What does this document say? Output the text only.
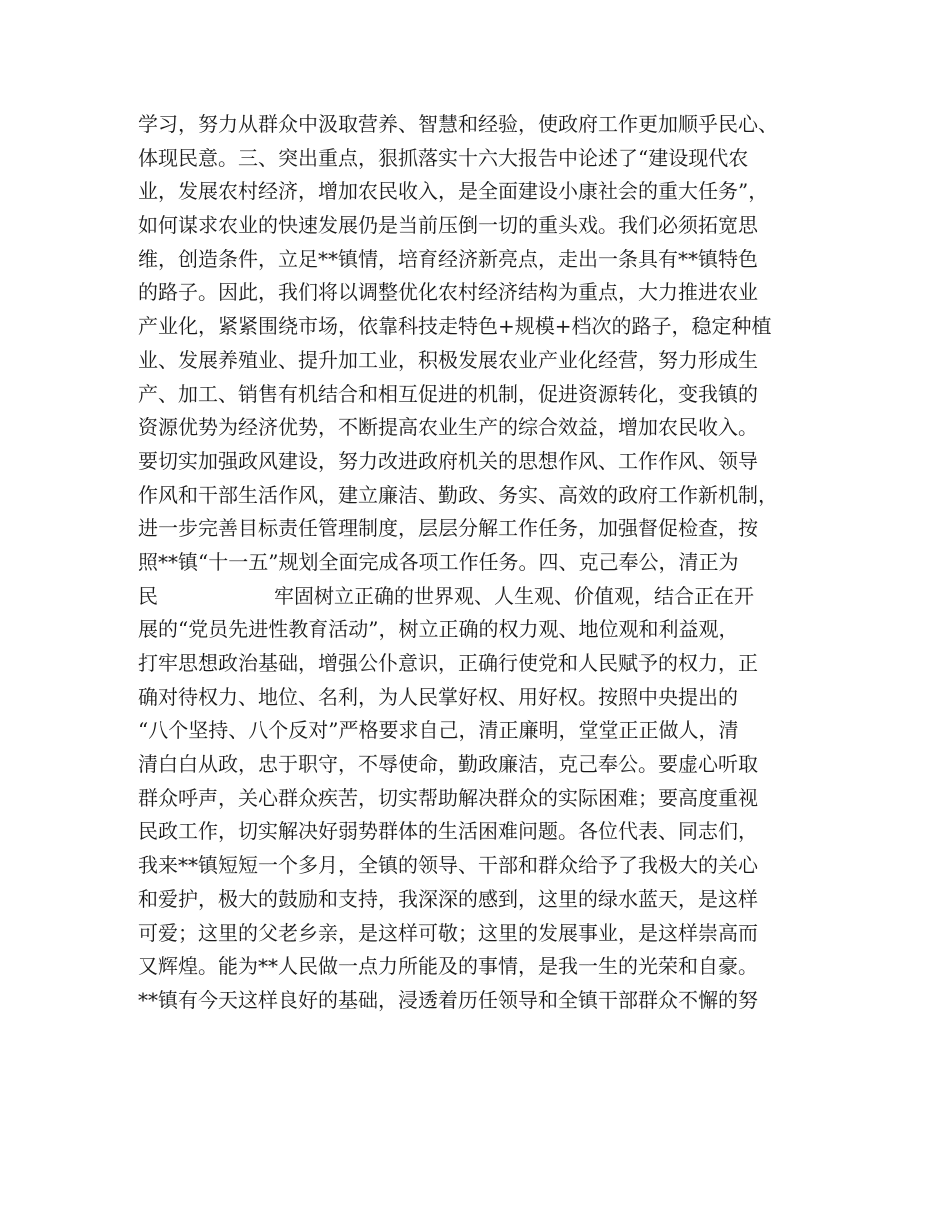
学习，努力从群众中汲取营养、智慧和经验，使政府工作更加顺乎民心、
体现民意。三、突出重点，狠抓落实十六大报告中论述了“建设现代农
业，发展农村经济，增加农民收入，是全面建设小康社会的重大任务”，
如何谋求农业的快速发展仍是当前压倒一切的重头戏。我们必须拓宽思
维，创造条件，立足**镇情，培育经济新亮点，走出一条具有**镇特色
的路子。因此，我们将以调整优化农村经济结构为重点，大力推进农业
产业化，紧紧围绕市场，依靠科技走特色+规模+档次的路子，稳定种植
业、发展养殖业、提升加工业，积极发展农业产业化经营，努力形成生
产、加工、销售有机结合和相互促进的机制，促进资源转化，变我镇的
资源优势为经济优势，不断提高农业生产的综合效益，增加农民收入。
要切实加强政风建设，努力改进政府机关的思想作风、工作作风、领导
作风和干部生活作风，建立廉洁、勤政、务实、高效的政府工作新机制，
进一步完善目标责任管理制度，层层分解工作任务，加强督促检查，按
照**镇“十一五”规划全面完成各项工作任务。四、克己奉公，清正为
民	牢固树立正确的世界观、人生观、价值观，结合正在开
展的“党员先进性教育活动”，树立正确的权力观、地位观和利益观，
打牢思想政治基础，增强公仆意识，正确行使党和人民赋予的权力，正
确对待权力、地位、名利，为人民掌好权、用好权。按照中央提出的
“八个坚持、八个反对”严格要求自己，清正廉明，堂堂正正做人，清
清白白从政，忠于职守，不辱使命，勤政廉洁，克己奉公。要虚心听取
群众呼声，关心群众疾苦，切实帮助解决群众的实际困难；要高度重视
民政工作，切实解决好弱势群体的生活困难问题。各位代表、同志们，
我来**镇短短一个多月，全镇的领导、干部和群众给予了我极大的关心
和爱护，极大的鼓励和支持，我深深的感到，这里的绿水蓝天，是这样
可爱；这里的父老乡亲，是这样可敬；这里的发展事业，是这样崇高而
又辉煌。能为**人民做一点力所能及的事情，是我一生的光荣和自豪。
**镇有今天这样良好的基础，浸透着历任领导和全镇干部群众不懈的努
